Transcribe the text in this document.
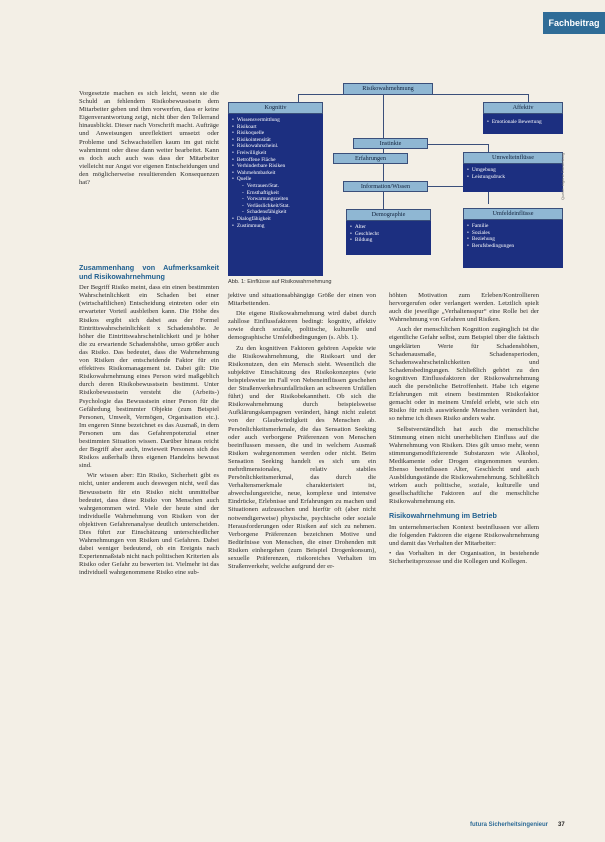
Fachbeitrag
Risikowahrnehmung
Kognitiv
• Wissensvermittlung
• Risikoart
• Risikoquelle
• Risikointensität
• Risikowahrscheinl.
• Freiwilligkeit
• Betroffene Fläche
• Verhinderbare Risiken
• Wahrnehmbarkeit
• Quelle
- Vertrauen/Stat.
- Ernsthaftigkeit
- Vorwarnungszeiten
- Verlässlichkeit/Stat.
- Schadensfähigkeit
• Dialogfähigkeit
• Zustimmung
Affektiv
• Emotionale Bewertung
Instinkte
Erfahrungen
Information/Wissen
Umwelteinflüsse
• Umgebung
• Leistungsdruck
Demographie
• Alter
• Geschlecht
• Bildung
Umfeldeinflüsse
• Familie
• Soziales
• Beziehung
• Berufsbedingungen
Abb. 1: Einflüsse auf Risikowahrnehmung
Quelle: eigene Darstellung

Vorgesetzte machen es sich leicht, wenn sie die Schuld an fehlendem Risikobewusstsein dem Mitarbeiter geben und ihm vorwerfen, dass er keine Eigenverantwortung zeigt, nicht über den Tellerrand hinausblickt. Dieser nach Vorschrift macht. Aufträge und Anweisungen unreflektiert umsetzt oder Probleme und Schwachstellen kaum im gut nicht wahrnimmt oder diese dann weiter bearbeitet. Kann es doch auch auch was dass der Mitarbeiter vielleicht nur Angst vor eigenen Entscheidungen und den möglicherweise resultierenden Konsequenzen hat?

Zusammenhang von Aufmerksamkeit und Risikowahrnehmung

Der Begriff Risiko meint, dass ein einen bestimmten Wahrscheinlichkeit ein Schaden bei einer (wirtschaftlichen) Entscheidung eintreten oder ein erwarteter Vorteil ausbleiben kann. Die Höhe des Risikos ergibt sich dabei aus der Formel Eintrittswahrscheinlichkeit x Schadenshöhe. Je höher die Eintrittswahrscheinlichkeit und je höher die zu erwartende Schadenshöhe, umso größer auch das Risiko. Das bedeutet, dass die Wahrnehmung von Risiken der entscheidende Faktor für ein effektives Risikomanagement ist. Dabei gilt: Die Risikowahrnehmung eines Person wird maßgeblich durch deren Risikobewusstsein bestimmt. Unter Risikobewusstsein versteht die (Arbeits-) Psychologie das Bewusstsein einer Person für die Gefährdung bestimmter Objekte (zum Beispiel Personen, Umwelt, Vermögen, Organisation etc.). Im engeren Sinne bezeichnet es das Ausmaß, in dem Personen um das Gefahrenpotenzial einer bestimmten Situation wissen. Darüber hinaus reicht der Begriff aber auch, inwieweit Personen sich des Risikos außerhalb ihres eigenen Handelns bewusst sind.

Wir wissen aber: Ein Risiko, Sicherheit gibt es nicht, unter anderem auch deswegen nicht, weil das Bewusstsein für ein Risiko nicht unmittelbar bedeutet, dass diese Risiko von Menschen auch wahrgenommen wird. Viele der heute sind der individuelle Wahrnehmung von Risiken von der objektiven Gefahrenanalyse deutlich unterscheiden. Dies führt zur Einschätzung unterschiedlicher Wahrnehmungen von Risiken und Gefahren. Dabei dabei weniger bedeutend, ob ein Ereignis nach Expertenmaßstab nicht nach politischen Kriterien als Risiko oder Gefahr zu bewerten ist. Vielmehr ist das individuell wahrgenommene Risiko eine sub-

jektive und situationsabhängige Größe der einen von Mitarbeitenden.

Die eigene Risikowahrnehmung wird dabei durch zahllose Einflussfaktoren bedingt: kognitiv, affektiv sowie durch soziale, politische, kulturelle und demographische Umfeldbedingungen (s. Abb. 1).

Zu den kognitiven Faktoren gehören Aspekte wie die Risikowahrnehmung, die Risikoart und der Risikonutzen, den ein Mensch sieht. Wesentlich die subjektive Einschätzung des Risikokonzeptes (wie beispielsweise im Fall von Nebeneinflüssen geschehen der Straßenverkehrsunfallrisiken an schweren Unfällen führt) und der Risikobekanntheit. Ob sich die Risikowahrnehmung durch beispielsweise Aufklärungskampagnen verändert, hängt nicht zuletzt von der Glaubwürdigkeit des Menschen ab. Persönlichkeitsmerkmale, die das Sensation Seeking oder auch verborgene Präferenzen von Menschen beeinflussen messen, die und in welchem Ausmaß Risiken wahrgenommen werden oder nicht. Beim Sensation Seeking handelt es sich um ein mehrdimensionales, relativ stabiles Persönlichkeitsmerkmal, das durch die Verhaltensmerkmale charakterisiert ist, abwechslungsreiche, neue, komplexe und intensive Eindrücke, Erlebnisse und Erfahrungen zu machen und Situationen aufzusuchen und hierfür oft (aber nicht notwendigerweise) physische, psychische oder soziale Herausforderungen oder Risiken auf sich zu nehmen. Verborgene Präferenzen bezeichnen Motive und Bedürfnisse von Menschen, die einer Drohenden mit Risiken einhergehen (zum Beispiel Drogenkonsum), sexuelle Präferenzen, risikoreiches Verhalten im Straßenverkehr, welche aufgrund der er-

höhten Motivation zum Erleben/Kontrollieren hervorgerufen oder verlangert werden. Letztlich spielt auch die jeweilige „Verhaltensspur“ eine Rolle bei der Wahrnehmung von Gefahren und Risiken.

Auch der menschlichen Kognition zugänglich ist die eigentliche Gefahr selbst, zum Beispiel über die faktisch ungeklärten Werte für Schadenshöhen, Schadenausmaße, Schadensperioden, Schadenswahrscheinlichkeiten und Schadensbedingungen. Schließlich gehört zu den kognitiven Einflussfaktoren der Risikowahrnehmung auch die persönliche Betroffenheit. Habe ich eigene Erfahrungen mit einem bestimmten Risikofaktor gemacht oder in meinem Umfeld erlebt, wie sich ein Risiko für mich auswirkende Menschen verändert hat, so nehme ich dieses Risiko anders wahr.

Selbstverständlich hat auch die menschliche Stimmung einen nicht unerheblichen Einfluss auf die Wahrnehmung von Risiken. Dies gilt umso mehr, wenn stimmungsmodifizierende Substanzen wie Alkohol, Medikamente oder Drogen eingenommen wurden. Ebenso beeinflussen Alter, Geschlecht und auch Ausbildungsstände die Risikowahrnehmung. Schließlich wirken auch politische, soziale, kulturelle und gesellschaftliche Faktoren auf die menschliche Risikowahrnehmung ein.

Risikowahrnehmung im Betrieb

Im unternehmerischen Kontext beeinflussen vor allem die folgenden Faktoren die eigene Risikowahrnehmung und damit das Verhalten der Mitarbeiter:

• das Vorhalten in der Organisation, in bestehende Sicherheitsprozesse und die Kollegen und Kollegen.

futura Sicherheitsingenieur 37
